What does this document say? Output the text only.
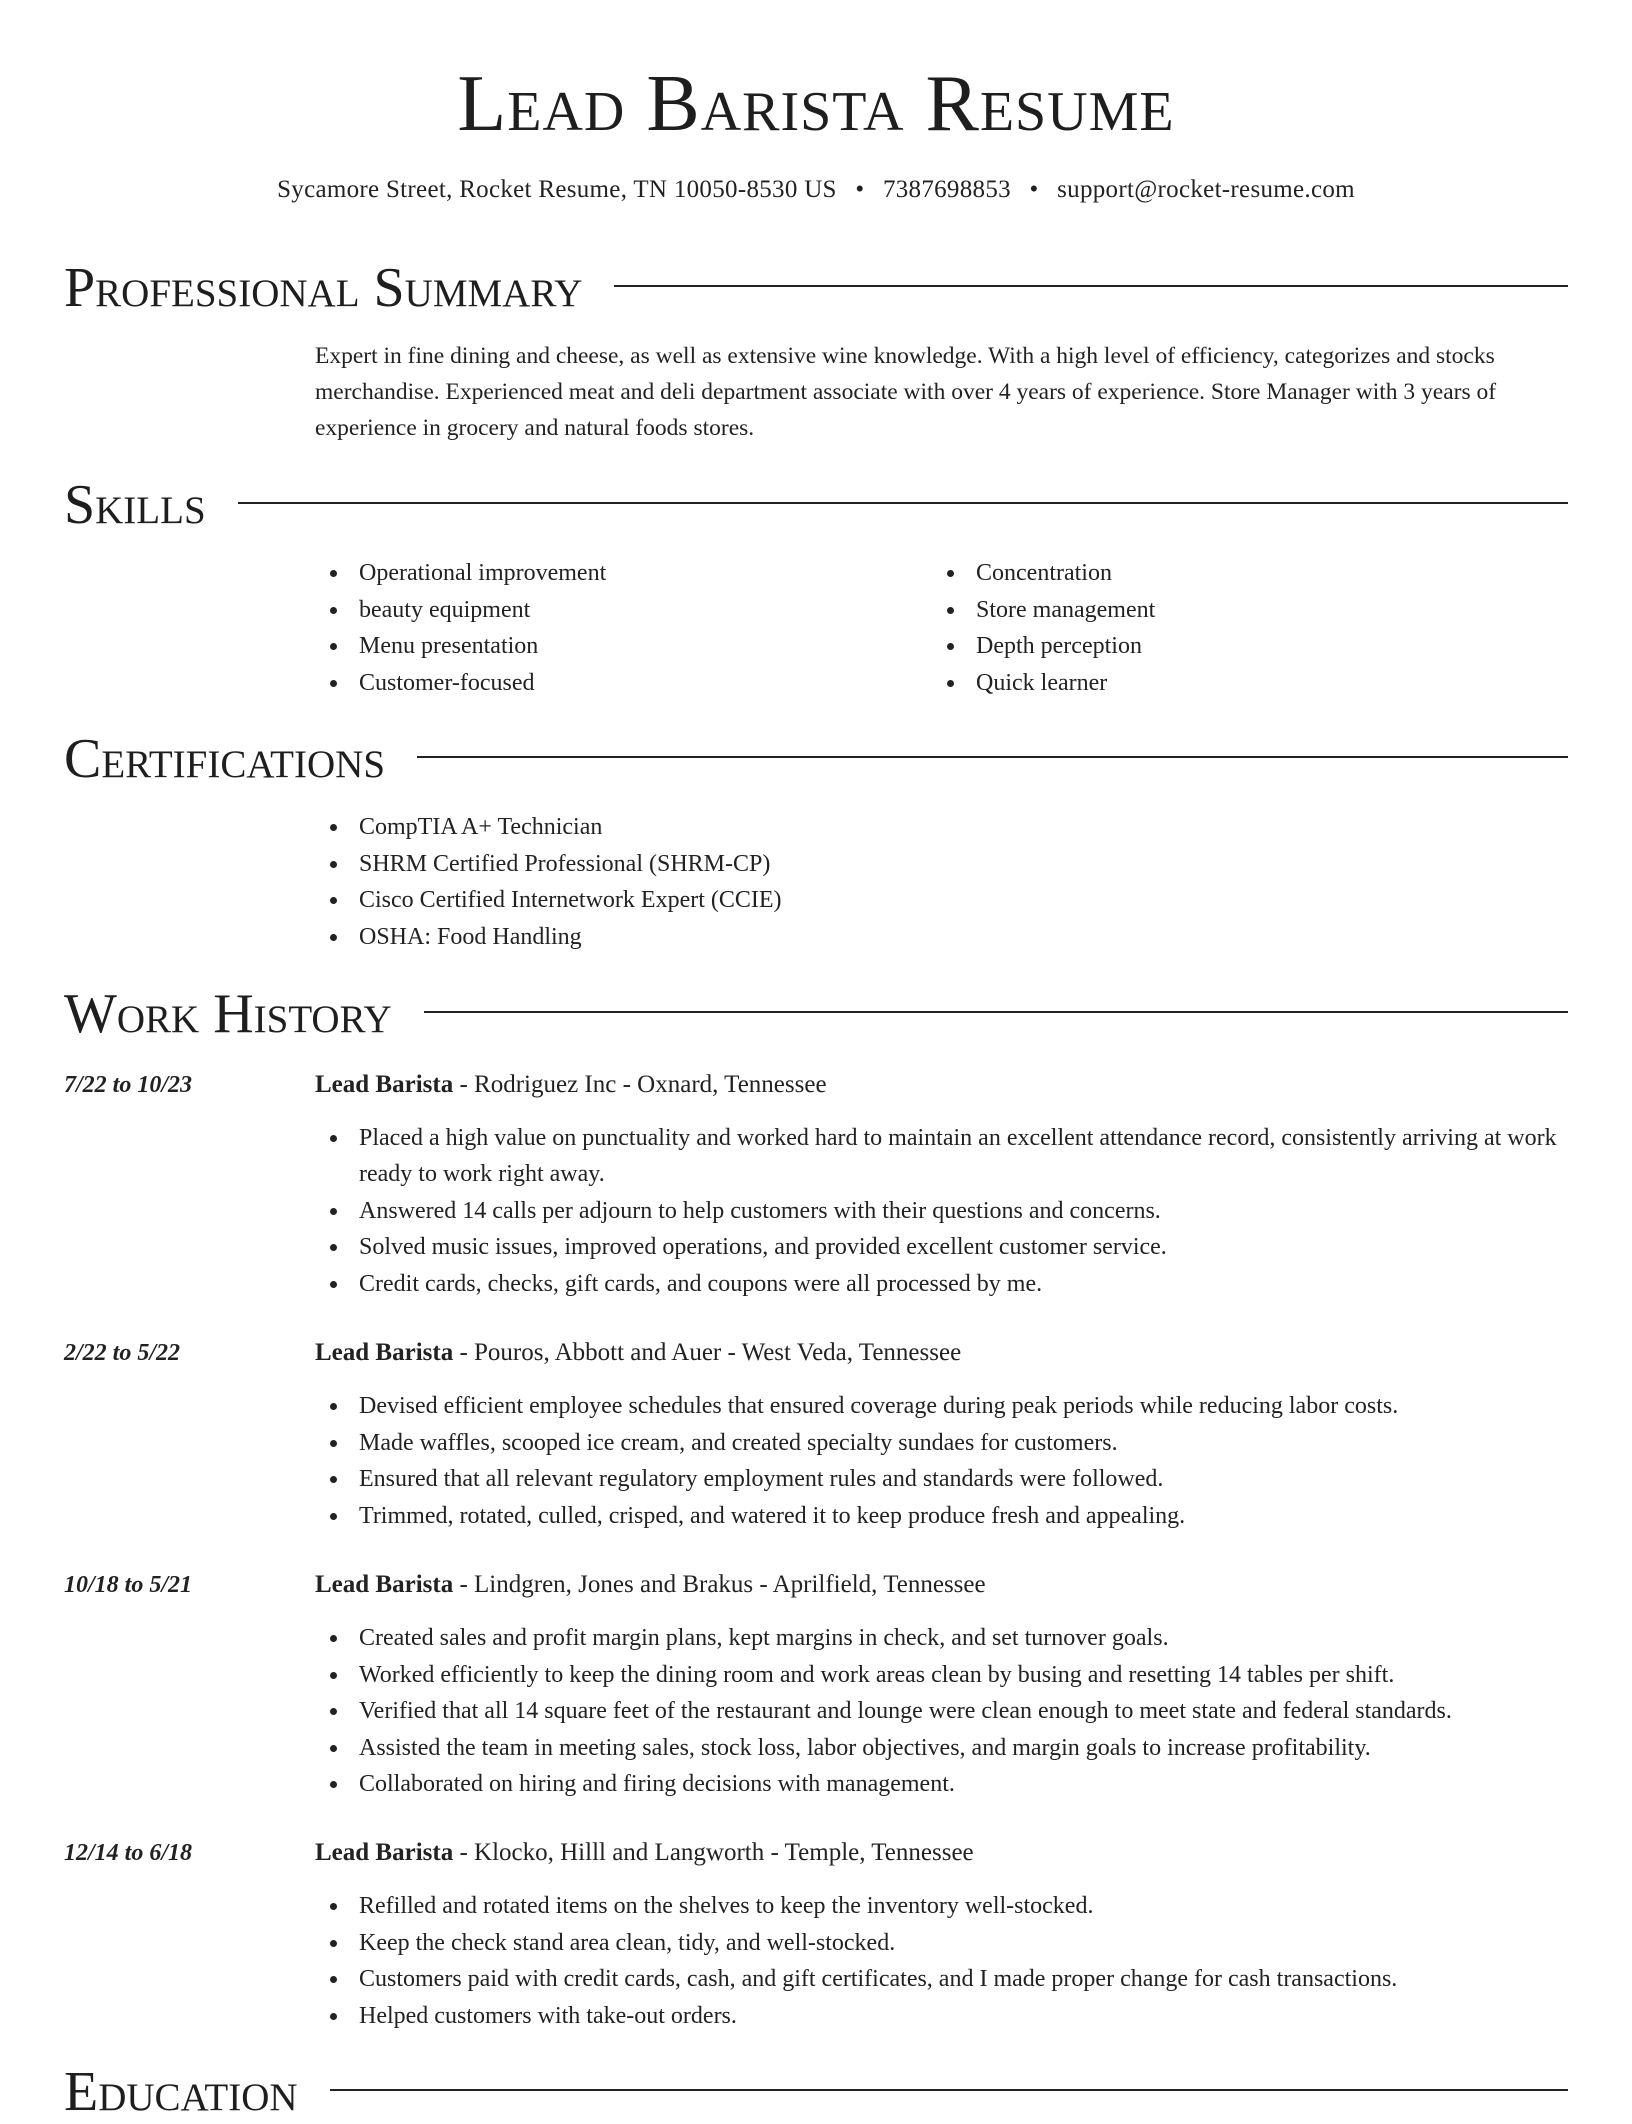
Lead Barista Resume
Sycamore Street, Rocket Resume, TN 10050-8530 US • 7387698853 • support@rocket-resume.com
Professional Summary
Expert in fine dining and cheese, as well as extensive wine knowledge. With a high level of efficiency, categorizes and stocks merchandise. Experienced meat and deli department associate with over 4 years of experience. Store Manager with 3 years of experience in grocery and natural foods stores.
Skills
Operational improvement
beauty equipment
Menu presentation
Customer-focused
Concentration
Store management
Depth perception
Quick learner
Certifications
CompTIA A+ Technician
SHRM Certified Professional (SHRM-CP)
Cisco Certified Internetwork Expert (CCIE)
OSHA: Food Handling
Work History
7/22 to 10/23	Lead Barista - Rodriguez Inc - Oxnard, Tennessee
Placed a high value on punctuality and worked hard to maintain an excellent attendance record, consistently arriving at work ready to work right away.
Answered 14 calls per adjourn to help customers with their questions and concerns.
Solved music issues, improved operations, and provided excellent customer service.
Credit cards, checks, gift cards, and coupons were all processed by me.
2/22 to 5/22	Lead Barista - Pouros, Abbott and Auer - West Veda, Tennessee
Devised efficient employee schedules that ensured coverage during peak periods while reducing labor costs.
Made waffles, scooped ice cream, and created specialty sundaes for customers.
Ensured that all relevant regulatory employment rules and standards were followed.
Trimmed, rotated, culled, crisped, and watered it to keep produce fresh and appealing.
10/18 to 5/21	Lead Barista - Lindgren, Jones and Brakus - Aprilfield, Tennessee
Created sales and profit margin plans, kept margins in check, and set turnover goals.
Worked efficiently to keep the dining room and work areas clean by busing and resetting 14 tables per shift.
Verified that all 14 square feet of the restaurant and lounge were clean enough to meet state and federal standards.
Assisted the team in meeting sales, stock loss, labor objectives, and margin goals to increase profitability.
Collaborated on hiring and firing decisions with management.
12/14 to 6/18	Lead Barista - Klocko, Hilll and Langworth - Temple, Tennessee
Refilled and rotated items on the shelves to keep the inventory well-stocked.
Keep the check stand area clean, tidy, and well-stocked.
Customers paid with credit cards, cash, and gift certificates, and I made proper change for cash transactions.
Helped customers with take-out orders.
Education
